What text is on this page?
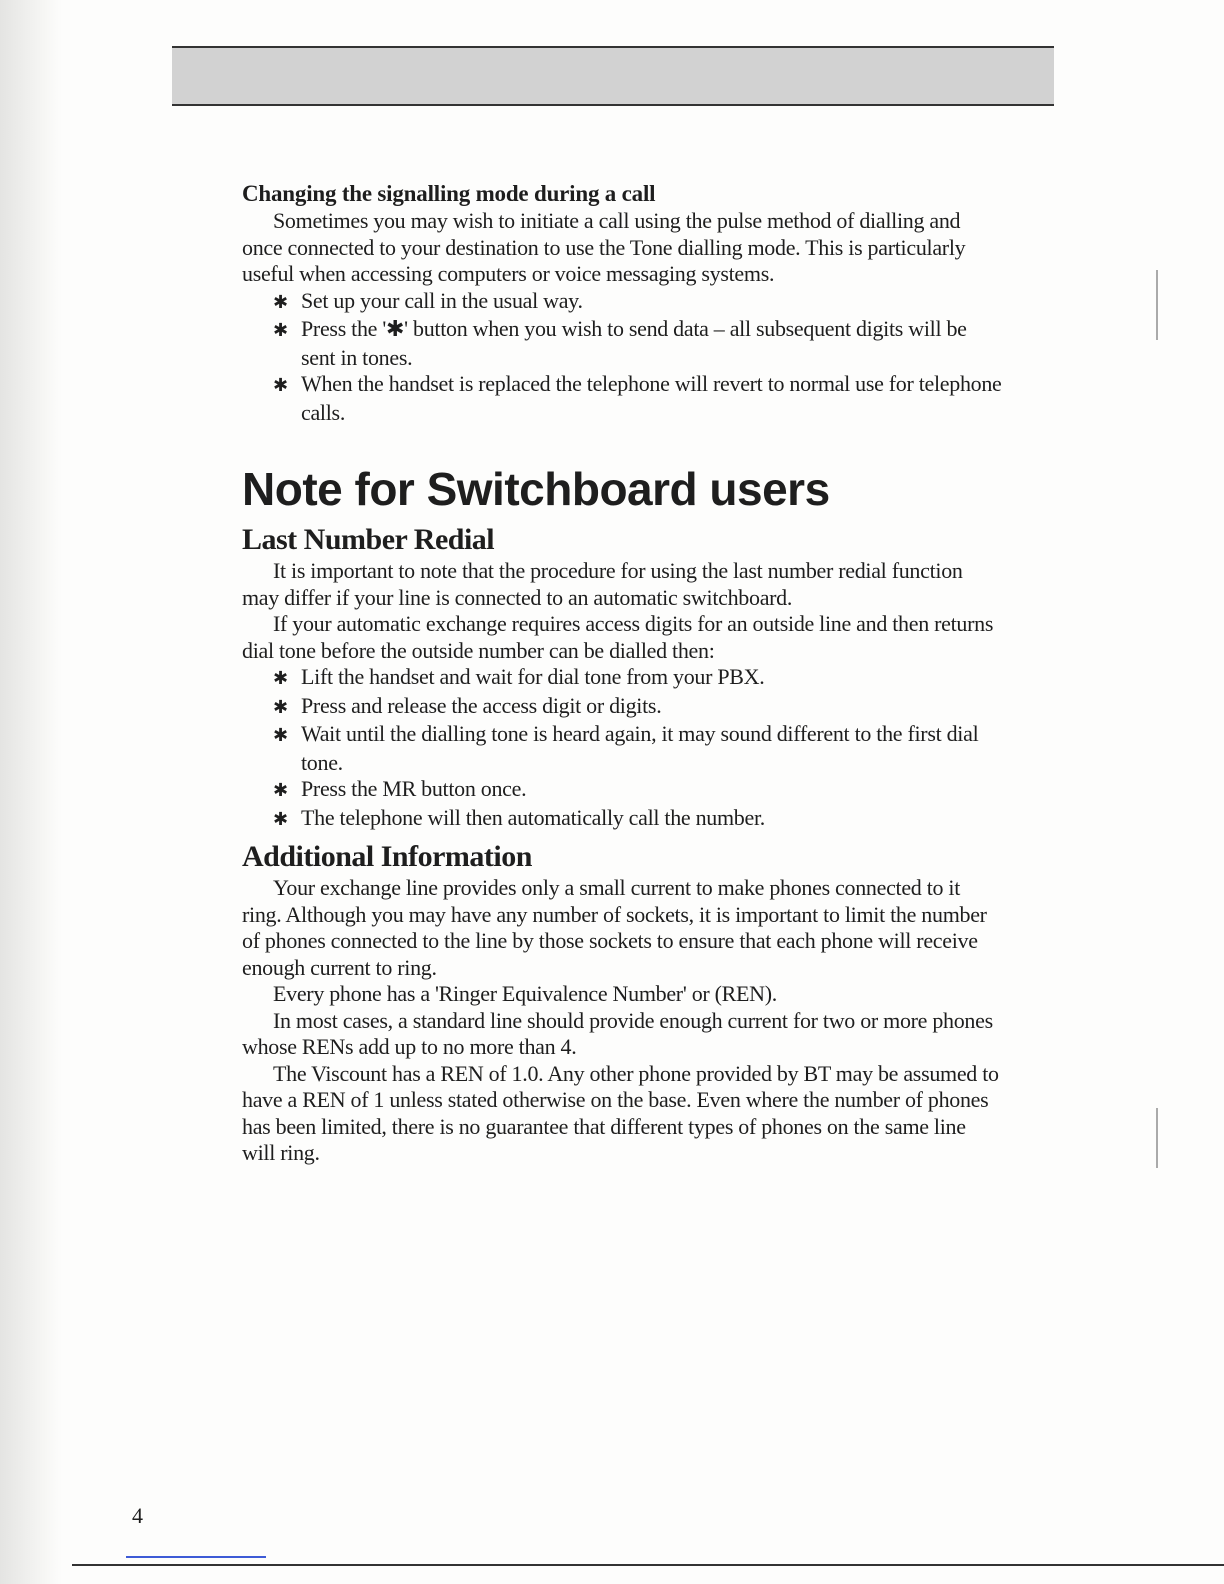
Changing the signalling mode during a call

Sometimes you may wish to initiate a call using the pulse method of dialling and once connected to your destination to use the Tone dialling mode. This is particularly useful when accessing computers or voice messaging systems.

✱ Set up your call in the usual way.
✱ Press the '✱' button when you wish to send data – all subsequent digits will be sent in tones.
✱ When the handset is replaced the telephone will revert to normal use for telephone calls.
Note for Switchboard users
Last Number Redial

It is important to note that the procedure for using the last number redial function may differ if your line is connected to an automatic switchboard.

If your automatic exchange requires access digits for an outside line and then returns dial tone before the outside number can be dialled then:

✱ Lift the handset and wait for dial tone from your PBX.
✱ Press and release the access digit or digits.
✱ Wait until the dialling tone is heard again, it may sound different to the first dial tone.
✱ Press the MR button once.
✱ The telephone will then automatically call the number.
Additional Information

Your exchange line provides only a small current to make phones connected to it ring. Although you may have any number of sockets, it is important to limit the number of phones connected to the line by those sockets to ensure that each phone will receive enough current to ring.

Every phone has a 'Ringer Equivalence Number' or (REN).

In most cases, a standard line should provide enough current for two or more phones whose RENs add up to no more than 4.

The Viscount has a REN of 1.0. Any other phone provided by BT may be assumed to have a REN of 1 unless stated otherwise on the base. Even where the number of phones has been limited, there is no guarantee that different types of phones on the same line will ring.

4
